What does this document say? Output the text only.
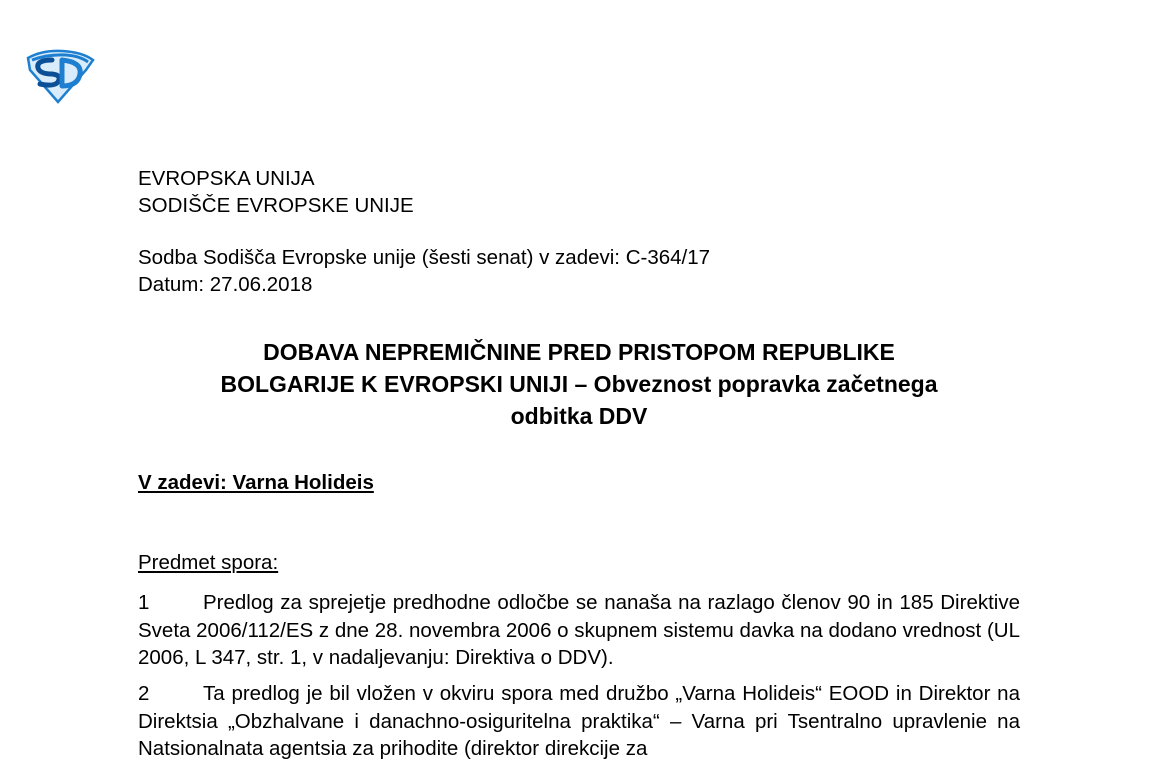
EVROPSKA UNIJA
SODIŠČE EVROPSKE UNIJE
Sodba Sodišča Evropske unije (šesti senat) v zadevi: C-364/17
Datum: 27.06.2018
DOBAVA NEPREMIČNINE PRED PRISTOPOM REPUBLIKE
BOLGARIJE K EVROPSKI UNIJI – Obveznost popravka začetnega
odbitka DDV
V zadevi: Varna Holideis
Predmet spora:
1	Predlog za sprejetje predhodne odločbe se nanaša na razlago členov 90 in 185 Direktive Sveta 2006/112/ES z dne 28. novembra 2006 o skupnem sistemu davka na dodano vrednost (UL 2006, L 347, str. 1, v nadaljevanju: Direktiva o DDV).
2	Ta predlog je bil vložen v okviru spora med družbo „Varna Holideis“ EOOD in Direktor na Direktsia „Obzhalvane i danachno-osiguritelna praktika“ – Varna pri Tsentralno upravlenie na Natsionalnata agentsia za prihodite (direktor direkcije za
